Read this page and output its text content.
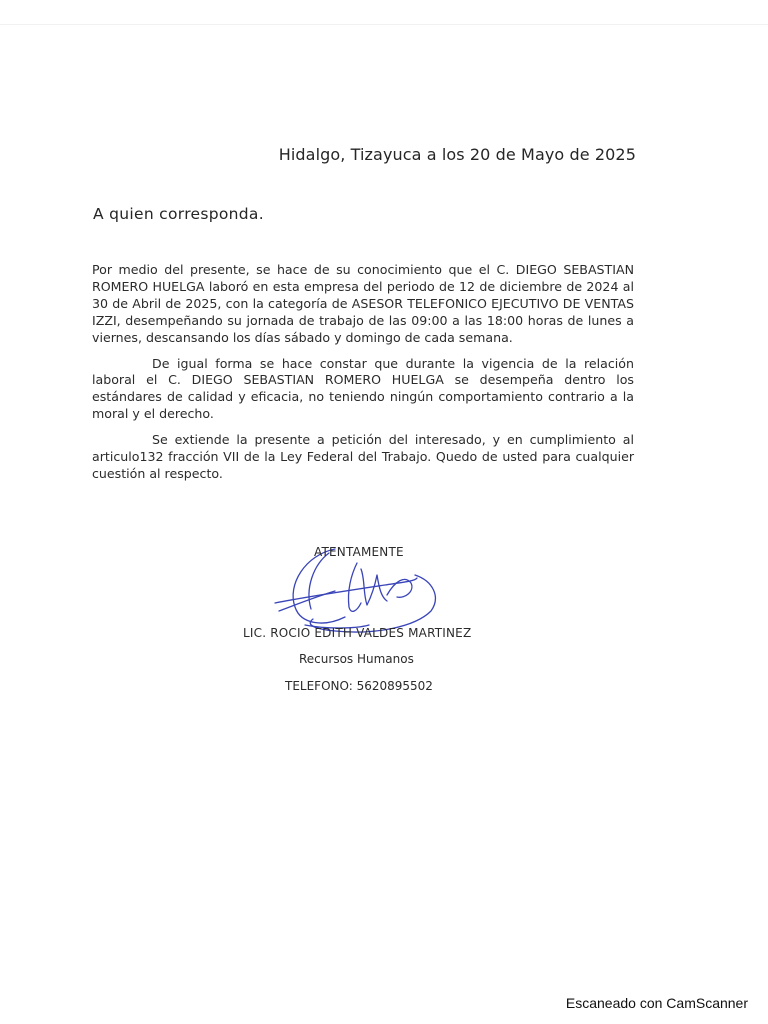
Hidalgo, Tizayuca a los 20 de Mayo de 2025
A quien corresponda.

Por medio del presente, se hace de su conocimiento que el C. DIEGO SEBASTIAN ROMERO HUELGA laboró en esta empresa del periodo de 12 de diciembre de 2024 al 30 de Abril de 2025, con la categoría de ASESOR TELEFONICO EJECUTIVO DE VENTAS IZZI, desempeñando su jornada de trabajo de las 09:00 a las 18:00 horas de lunes a viernes, descansando los días sábado y domingo de cada semana.

De igual forma se hace constar que durante la vigencia de la relación laboral el C. DIEGO SEBASTIAN ROMERO HUELGA se desempeña dentro los estándares de calidad y eficacia, no teniendo ningún comportamiento contrario a la moral y el derecho.

Se extiende la presente a petición del interesado, y en cumplimiento al articulo132 fracción VII de la Ley Federal del Trabajo. Quedo de usted para cualquier cuestión al respecto.

ATENTAMENTE
LIC. ROCIO EDITH VALDES MARTINEZ
Recursos Humanos
TELEFONO: 5620895502
Escaneado con CamScanner
